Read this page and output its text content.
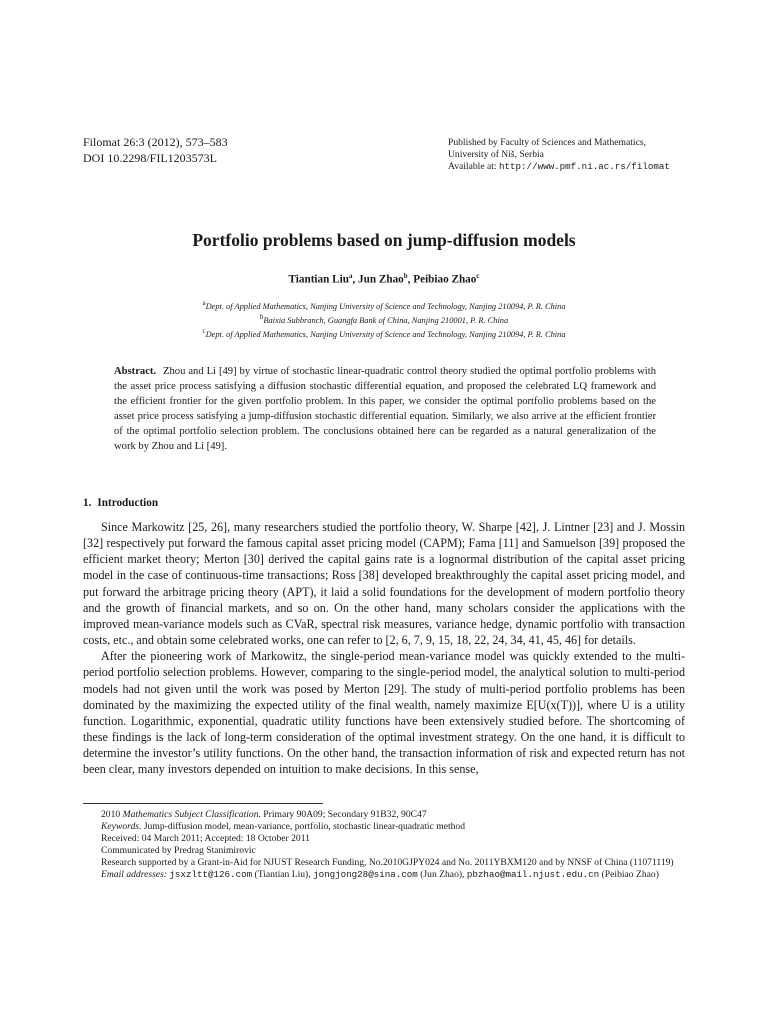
Filomat 26:3 (2012), 573–583
DOI 10.2298/FIL1203573L
Published by Faculty of Sciences and Mathematics,
University of Niš, Serbia
Available at: http://www.pmf.ni.ac.rs/filomat
Portfolio problems based on jump-diffusion models
Tiantian Liu$^a$, Jun Zhao$^b$, Peibiao Zhao$^c$
$^a$Dept. of Applied Mathematics, Nanjing University of Science and Technology, Nanjing 210094, P. R. China
$^b$Baixia Subbranch, Guangfa Bank of China, Nanjing 210001, P. R. China
$^c$Dept. of Applied Mathematics, Nanjing University of Science and Technology, Nanjing 210094, P. R. China

Abstract. Zhou and Li [49] by virtue of stochastic linear-quadratic control theory studied the optimal portfolio problems with the asset price process satisfying a diffusion stochastic differential equation, and proposed the celebrated LQ framework and the efficient frontier for the given portfolio problem. In this paper, we consider the optimal portfolio problems based on the asset price process satisfying a jump-diffusion stochastic differential equation. Similarly, we also arrive at the efficient frontier of the optimal portfolio selection problem. The conclusions obtained here can be regarded as a natural generalization of the work by Zhou and Li [49].

1. Introduction

Since Markowitz [25, 26], many researchers studied the portfolio theory, W. Sharpe [42], J. Lintner [23] and J. Mossin [32] respectively put forward the famous capital asset pricing model (CAPM); Fama [11] and Samuelson [39] proposed the efficient market theory; Merton [30] derived the capital gains rate is a lognormal distribution of the capital asset pricing model in the case of continuous-time transactions; Ross [38] developed breakthroughly the capital asset pricing model, and put forward the arbitrage pricing theory (APT), it laid a solid foundations for the development of modern portfolio theory and the growth of financial markets, and so on. On the other hand, many scholars consider the applications with the improved mean-variance models such as CVaR, spectral risk measures, variance hedge, dynamic portfolio with transaction costs, etc., and obtain some celebrated works, one can refer to [2, 6, 7, 9, 15, 18, 22, 24, 34, 41, 45, 46] for details.

After the pioneering work of Markowitz, the single-period mean-variance model was quickly extended to the multi-period portfolio selection problems. However, comparing to the single-period model, the analytical solution to multi-period models had not given until the work was posed by Merton [29]. The study of multi-period portfolio problems has been dominated by the maximizing the expected utility of the final wealth, namely maximize E[U(x(T))], where U is a utility function. Logarithmic, exponential, quadratic utility functions have been extensively studied before. The shortcoming of these findings is the lack of long-term consideration of the optimal investment strategy. On the one hand, it is difficult to determine the investor’s utility functions. On the other hand, the transaction information of risk and expected return has not been clear, many investors depended on intuition to make decisions. In this sense,

2010 Mathematics Subject Classification. Primary 90A09; Secondary 91B32, 90C47
Keywords. Jump-diffusion model, mean-variance, portfolio, stochastic linear-quadratic method
Received: 04 March 2011; Accepted: 18 October 2011
Communicated by Predrag Stanimirovic
Research supported by a Grant-in-Aid for NJUST Research Funding, No.2010GJPY024 and No. 2011YBXM120 and by NNSF of China (11071119)
Email addresses: jsxzltt@126.com (Tiantian Liu), jongjong28@sina.com (Jun Zhao), pbzhao@mail.njust.edu.cn (Peibiao Zhao)
